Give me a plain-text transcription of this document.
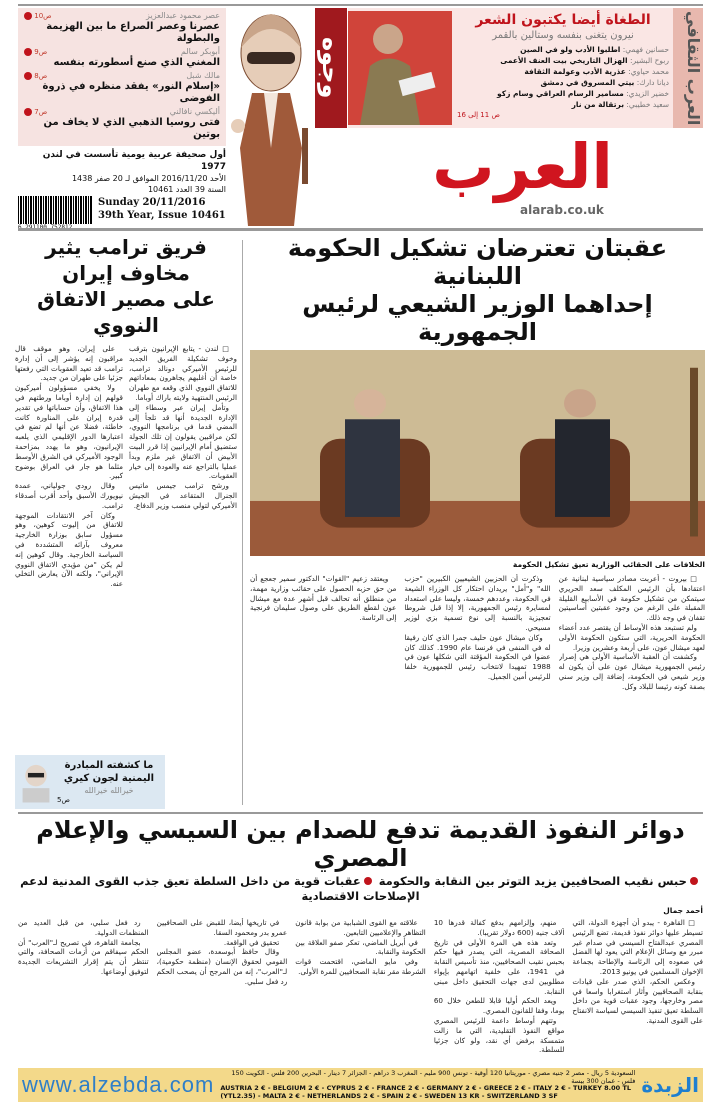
عصر محمود عبدالعزيز
ص10
عصرنا وعصر الصراع ما بين الهزيمة والبطولة
أبوبكر سالم
ص9
المغني الذي صنع أسطورته بنفسه
مالك شبل
ص8
«إسلام النور» يفقد منظره في ذروة الفوضى
أليكسي نافالني
ص7
فتى روسيا الذهبي الذي لا يخاف من بوتين
أول صحيفة عربية يومية تأسست في لندن 1977
الأحد 2016/11/20 الموافق لـ 20 صفر 1438
السنة 39 العدد 10461
Sunday 20/11/2016
39th Year, Issue 10461
وجوه
الطغاة أيضا يكتبون الشعر
نيرون يتغنى بنفسه وستالين بالقمر
حسانين فهمي: اطلبوا الأدب ولو في الصين
ربوح البشير: الهزال التاريخي بيت العنف الأعمى
محمد حياوي: عذرية الأدب وعولمة الثقافة
ديانا دارك: بيتي المسروق في دمشق
خضير الزيدي: مسامير الرسام العراقي وسام زكو
سعيد خطيبي: برتقالة من نار
ص 11 إلى 16	العرب الثقافي
العرب
alarab.co.uk
عقبتان تعترضان تشكيل الحكومة اللبنانية
إحداهما الوزير الشيعي لرئيس الجمهورية
الخلافات على الحقائب الوزارية تعيق تشكيل الحكومة

□ بيروت - أعربت مصادر سياسية لبنانية عن اعتقادها بأن الرئيس المكلف سعد الحريري سيتمكن من تشكيل حكومة في الأسابيع القليلة المقبلة على الرغم من وجود عقبتين أساسيتين تقفان في وجه ذلك.

ولم تستبعد هذه الأوساط أن يقتصر عدد أعضاء الحكومة الحريرية، التي ستكون الحكومة الأولى لعهد ميشال عون، على أربعة وعشرين وزيرا.

وكشفت أن العقبة الأساسية الأولى هي إصرار رئيس الجمهورية ميشال عون على أن يكون له وزير شيعي في الحكومة، إضافة إلى وزير سني بصفة كونه رئيسا للبلاد وكل.

وذكرت أن الحزبين الشيعيين الكبيرين "حزب الله" و"أمل" يريدان احتكار كل الوزراء الشيعة في الحكومة، وعددهم خمسة، وليسا على استعداد لمسايرة رئيس الجمهورية، إلا إذا قبل شروطا تعجيزية بالنسبة إلى نوع تسمية بزي لوزير مسيحي.

وكان ميشال عون حليف جمرا الذي كان رفيقا له في المنفى في فرنسا عام 1990. كذلك كان عضوا في الحكومة المؤقتة التي شكلها عون في 1988 تمهيدا لانتخاب رئيس للجمهورية خلفا للرئيس أمين الجميل.

ويعتقد زعيم "القوات" الدكتور سمير جعجع أن من حق حزبه الحصول على حقائب وزارية مهمة، من منطلق أنه تحالف قبل أشهر عدة مع ميشال عون لقطع الطريق على وصول سليمان فرنجية إلى الرئاسة.

فريق ترامب يثير مخاوف إيران
على مصير الاتفاق النووي

□ لندن - يتابع الإيرانيون بترقب وخوف تشكيلة الفريق الجديد للرئيس الأميركي دونالد ترامب، خاصة أن أغلبهم يجاهرون بمعاداتهم للاتفاق النووي الذي وقعه مع طهران الرئيس المنتهية ولايته باراك أوباما.

وتأمل إيران عبر وسطاء إلى الإدارة الجديدة أنها قد تلجأ إلى المضي قدما في برنامجها النووي، لكن مراقبين يقولون إن تلك الجولة ستضيق أمام الإيرانيين إذا قرر البيت الأبيض أن الاتفاق غير ملزم وبدأ عمليا بالتراجع عنه والعودة إلى خيار العقوبات.

ورشح ترامب جيمس ماتيس الجنرال المتقاعد في الجيش الأميركي لتولي منصب وزير الدفاع.

على إيران، وهو موقف قال مراقبون إنه يؤشر إلى أن إدارة ترامب قد تعيد العقوبات التي رفعتها جزئيا على طهران من جديد.

ولا يخفي مسؤولون أميركيون قولهم إن إدارة أوباما ورطتهم في هذا الاتفاق، وأن حساباتها في تقدير قدرة إيران على المناورة كانت خاطئة، فضلا عن أنها لم تضع في اعتبارها الدور الإقليمي الذي يلعبه الإيرانيون، وهو ما يهدد بمزاحمة الوجود الأميركي في الشرق الأوسط مثلما هو جار في العراق بوضوح كبير.

وقال رودي جولياني، عمدة نيويورك الأسبق وأحد أقرب أصدقاء ترامب.

وكان آخر الانتقادات الموجهة للاتفاق من إليوت كوهين، وهو مسؤول سابق بوزارة الخارجية معروف بآرائه المتشددة في السياسة الخارجية. وقال كوهين إنه لم يكن "من مؤيدي الاتفاق النووي الإيراني"، ولكنه الآن يعارض التخلي عنه.

ما كشفته المبادرة اليمنية لجون كيري
خيرالله خيرالله
ص5
دوائر النفوذ القديمة تدفع للصدام بين السيسي والإعلام المصري
حبس نقيب الصحافيين يزيد التوتر بين النقابة والحكومة عقبات قوية من داخل السلطة تعيق جذب القوى المدنية لدعم الإصلاحات الاقتصادية
أحمد جمال

□ القاهرة - يبدو أن أجهزة الدولة، التي تسيطر عليها دوائر نفوذ قديمة، تضع الرئيس المصري عبدالفتاح السيسي في صدام غير مبرر مع وسائل الإعلام التي يعود لها الفضل في صعوده إلى الرئاسة والإطاحة بجماعة الإخوان المسلمين في يونيو 2013.

وعكس الحكم، الذي صدر على قيادات بنقابة الصحافيين وأثار استغرابا واسعا في مصر وخارجها، وجود عقبات قوية من داخل السلطة تعيق تنفيذ السيسي لسياسة الانفتاح على القوى المدنية.

منهم، وإلزامهم بدفع كفالة قدرها 10 آلاف جنيه (600 دولار تقريبا).

وتعد هذه هي المرة الأولى في تاريخ الصحافة المصرية، التي يصدر فيها حكم بحبس نقيب الصحافيين، منذ تأسيس النقابة في 1941، على خلفية اتهامهم بإيواء مطلوبين لدى جهات التحقيق داخل مبنى النقابة.

ويعد الحكم أوليا قابلا للطعن خلال 60 يوما، وفقا للقانون المصري.

وتتهم أوساط داعمة للرئيس المصري مواقع النفوذ التقليدية، التي ما زالت متمسكة برفض أي نقد، ولو كان جزئيا للسلطة.

علاقته مع القوى الشبابية من بوابة قانون التظاهر والإعلاميين التابعين.

في أبريل الماضي، تعكر صفو العلاقة بين الحكومة والنقابة.

وفي مايو الماضي، اقتحمت قوات الشرطة مقر نقابة الصحافيين للمرة الأولى.

في تاريخها أيضا، للقبض على الصحافيين عمرو بدر ومحمود السقا.

تحقيق في الواقعة.

وقال حافظ أبوسعدة، عضو المجلس القومي لحقوق الإنسان (منظمة حكومية)، لـ"العرب"، إنه من المرجح أن يصحب الحكم رد فعل سلبي.

رد فعل سلبي، من قبل العديد من المنظمات الدولية.

بجامعة القاهرة، في تصريح لـ"العرب" أن الحكم سيفاقم من أزمات الصحافة، والتي تنتظر أن يتم إقرار التشريعات الجديدة لتوفيق أوضاعها.

www.alzebda.com	السعودية 5 ريال - مصر 2 جنيه مصري - موريتانيا 120 أوقية - تونس 900 مليم - المغرب 3 دراهم - الجزائر 7 دينار - البحرين 200 فلس - الكويت 150 فلس - عمان 300 بيسة
AUSTRIA 2 € - BELGIUM 2 € - CYPRUS 2 € - FRANCE 2 € - GERMANY 2 € - GREECE 2 € - ITALY 2 € - TURKEY 8.00 TL (YTL2.35) - MALTA 2 € - NETHERLANDS 2 € - SPAIN 2 € - SWEDEN 13 KR - SWITZERLAND 3 SF	الزبدة
